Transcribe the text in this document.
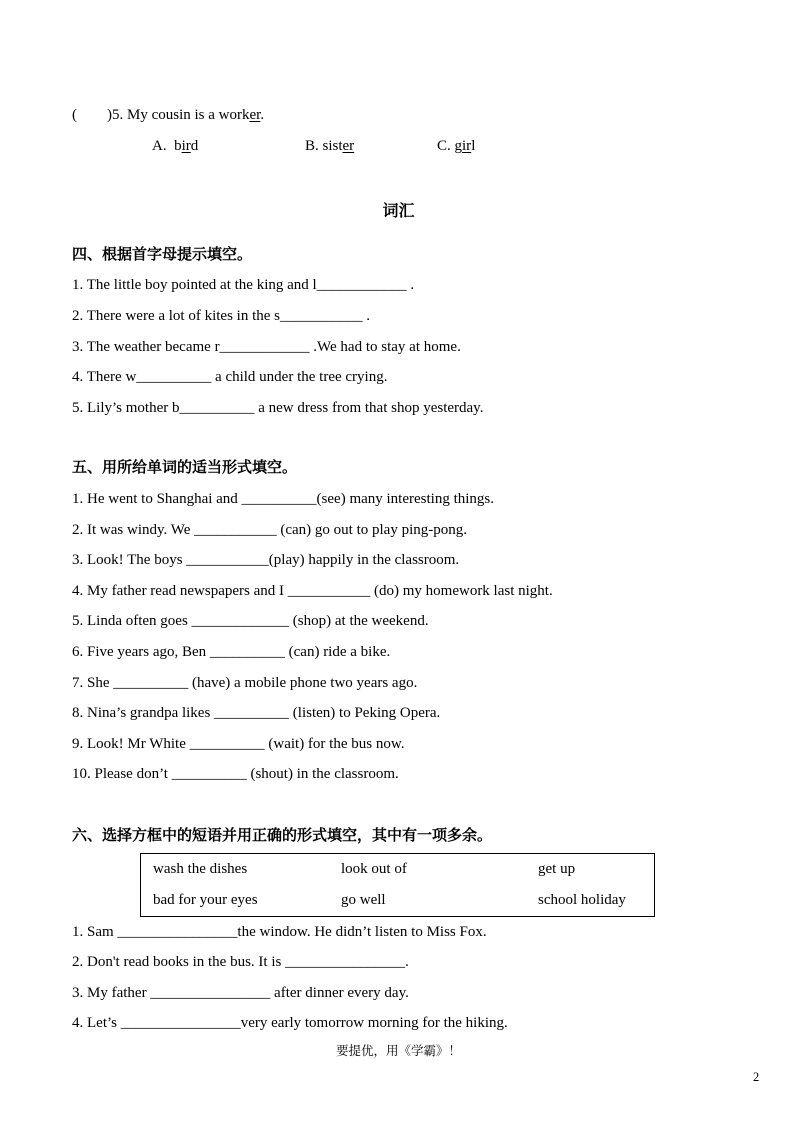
(        )5. My cousin is a worker.

A.  bird	B. sister	C. girl

词汇

四、根据首字母提示填空。

1. The little boy pointed at the king and l____________ .

2. There were a lot of kites in the s___________ .

3. The weather became r____________ .We had to stay at home.

4. There w__________ a child under the tree crying.

5. Lily’s mother b__________ a new dress from that shop yesterday.

五、用所给单词的适当形式填空。

1. He went to Shanghai and __________(see) many interesting things.

2. It was windy. We ___________ (can) go out to play ping-pong.

3. Look! The boys ___________(play) happily in the classroom.

4. My father read newspapers and I ___________ (do) my homework last night.

5. Linda often goes _____________ (shop) at the weekend.

6. Five years ago, Ben __________ (can) ride a bike.

7. She __________ (have) a mobile phone two years ago.

8. Nina’s grandpa likes __________ (listen) to Peking Opera.

9. Look! Mr White __________ (wait) for the bus now.

10. Please don’t __________ (shout) in the classroom.

六、选择方框中的短语并用正确的形式填空，其中有一项多余。

wash the dishes	look out of	get up
bad for your eyes	go well	school holiday

1. Sam ________________the window. He didn’t listen to Miss Fox.

2. Don't read books in the bus. It is ________________.

3. My father ________________ after dinner every day.

4. Let’s ________________very early tomorrow morning for the hiking.

要提优，用《学霸》！

2
